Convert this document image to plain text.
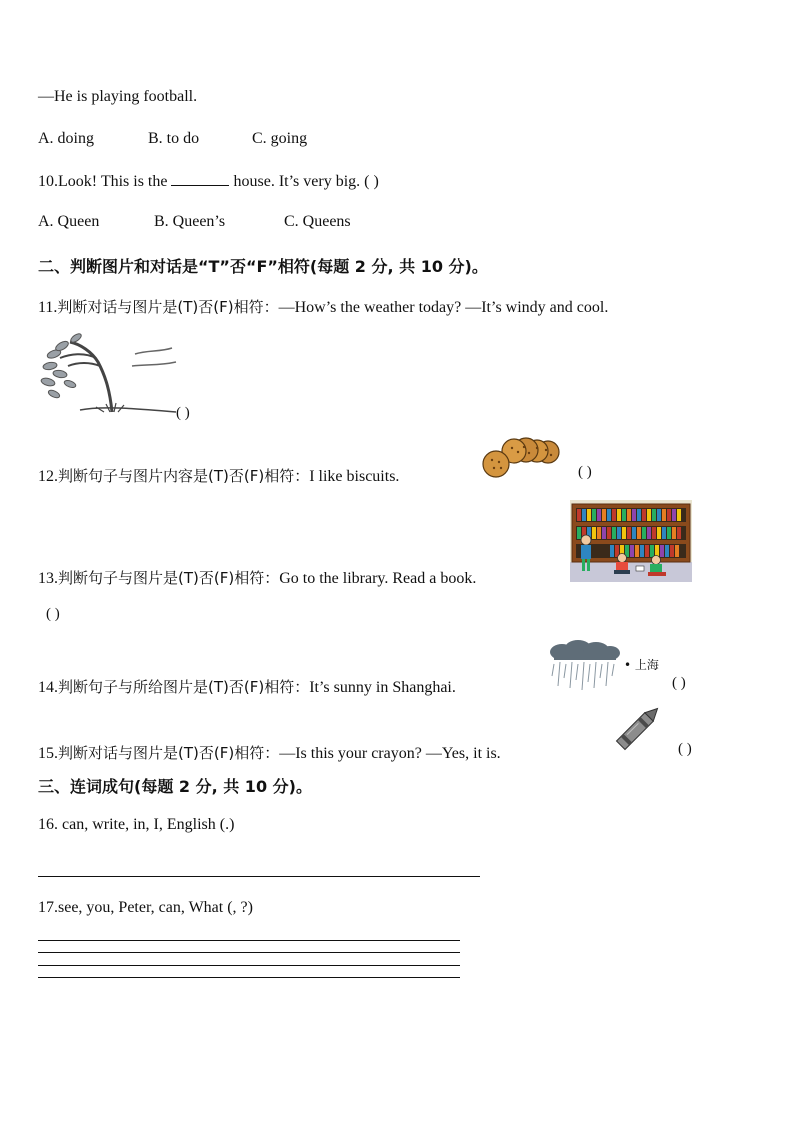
—He is playing football.
A. doing	B. to do	C. going
10.Look! This is the	house. It’s very big. ( )
A. Queen	B. Queen’s	C. Queens
二、判断图片和对话是“T”否“F”相符(每题 2 分, 共 10 分)。
11.判断对话与图片是(T)否(F)相符：—How’s the weather today? —It’s windy and cool.
( )
12.判断句子与图片内容是(T)否(F)相符：I like biscuits.	( )
13.判断句子与图片是(T)否(F)相符：Go to the library. Read a book.
( )
14.判断句子与所给图片是(T)否(F)相符：It’s sunny in Shanghai.
• 上海
( )
15.判断对话与图片是(T)否(F)相符：—Is this your crayon? —Yes, it is.	( )
三、连词成句(每题 2 分, 共 10 分)。
16. can, write, in, I, English (.)
17.see, you, Peter, can, What (, ?)
